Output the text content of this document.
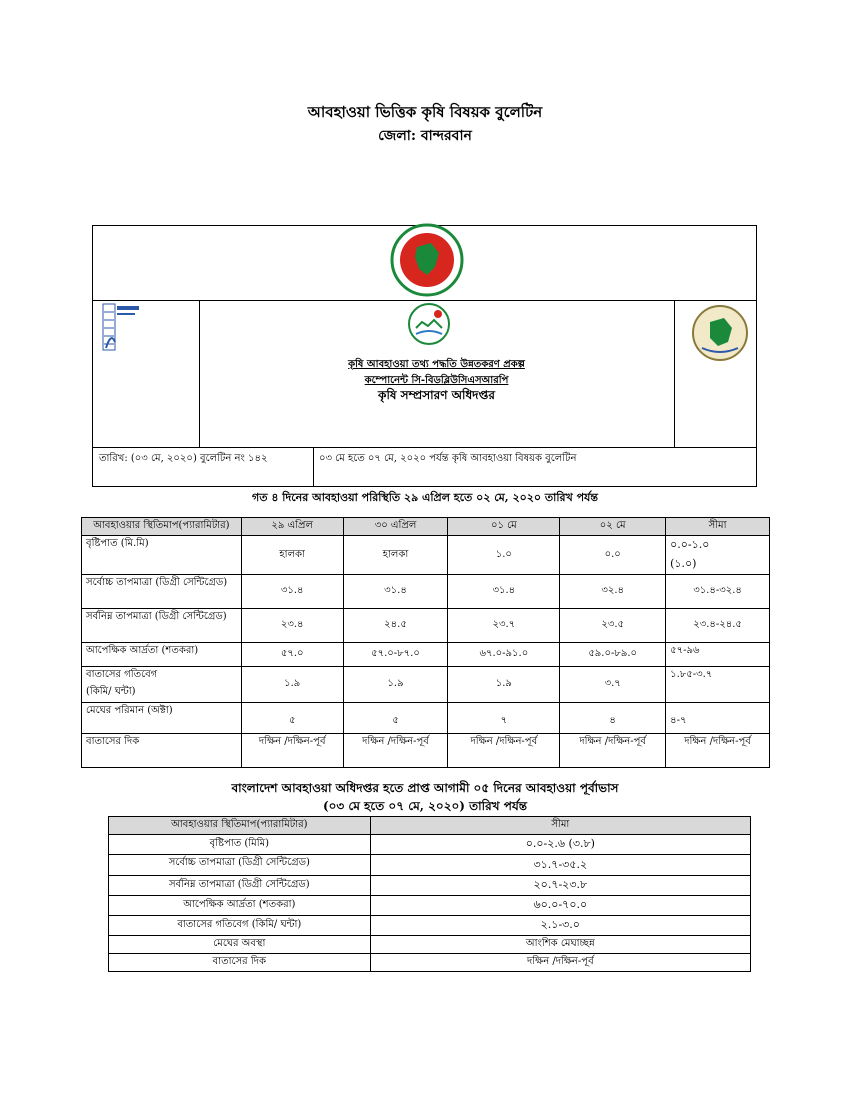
আবহাওয়া ভিত্তিক কৃষি বিষয়ক বুলেটিন
জেলা: বান্দরবান
কৃষি আবহাওয়া তথ্য পদ্ধতি উন্নতকরণ প্রকল্প
কম্পোনেন্ট সি-বিডব্লিউসিএসআরপি
কৃষি সম্প্রসারণ অধিদপ্তর
তারিখ: (০৩ মে, ২০২০) বুলেটিন নং ১৪২	০৩ মে হতে ০৭ মে, ২০২০ পর্যন্ত কৃষি আবহাওয়া বিষয়ক বুলেটিন
গত ৪ দিনের আবহাওয়া পরিস্থিতি ২৯ এপ্রিল হতে ০২ মে, ২০২০ তারিখ পর্যন্ত
আবহাওয়ার স্থিতিমাপ(প্যারামিটার)	২৯ এপ্রিল	৩০ এপ্রিল	০১ মে	০২ মে	সীমা
বৃষ্টিপাত (মি.মি)	হালকা	হালকা	১.০	০.০	০.০-১.০
(১.০)
সর্বোচ্চ তাপমাত্রা (ডিগ্রী সেন্টিগ্রেড)	৩১.৪	৩১.৪	৩১.৪	৩২.৪	৩১.৪-৩২.৪
সর্বনিম্ন তাপমাত্রা (ডিগ্রী সেন্টিগ্রেড)	২৩.৪	২৪.৫	২৩.৭	২৩.৫	২৩.৪-২৪.৫
আপেক্ষিক আর্দ্রতা (শতকরা)	৫৭.০	৫৭.০-৮৭.০	৬৭.০-৯১.০	৫৯.০-৮৯.০	৫৭-৯৬
বাতাসের গতিবেগ
(কিমি/ ঘন্টা)	১.৯	১.৯	১.৯	৩.৭	১.৮৫-৩.৭
মেঘের পরিমান (অক্টা)	৫	৫	৭	৪	৪-৭
বাতাসের দিক	দক্ষিন /দক্ষিন-পূর্ব	দক্ষিন /দক্ষিন-পূর্ব	দক্ষিন /দক্ষিন-পূর্ব	দক্ষিন /দক্ষিন-পূর্ব	দক্ষিন /দক্ষিন-পূর্ব
বাংলাদেশ আবহাওয়া অধিদপ্তর হতে প্রাপ্ত আগামী ০৫ দিনের আবহাওয়া পূর্বাভাস
(০৩ মে হতে ০৭ মে, ২০২০) তারিখ পর্যন্ত
আবহাওয়ার স্থিতিমাপ(প্যারামিটার)	সীমা
বৃষ্টিপাত (মিমি)	০.০-২.৬ (৩.৮)
সর্বোচ্চ তাপমাত্রা (ডিগ্রী সেন্টিগ্রেড)	৩১.৭-৩৫.২
সর্বনিম্ন তাপমাত্রা (ডিগ্রী সেন্টিগ্রেড)	২০.৭-২৩.৮
আপেক্ষিক আর্দ্রতা (শতকরা)	৬০.০-৭০.০
বাতাসের গতিবেগ (কিমি/ ঘন্টা)	২.১-৩.০
মেঘের অবস্থা	আংশিক মেঘাচ্ছন্ন
বাতাসের দিক	দক্ষিন /দক্ষিন-পূর্ব
